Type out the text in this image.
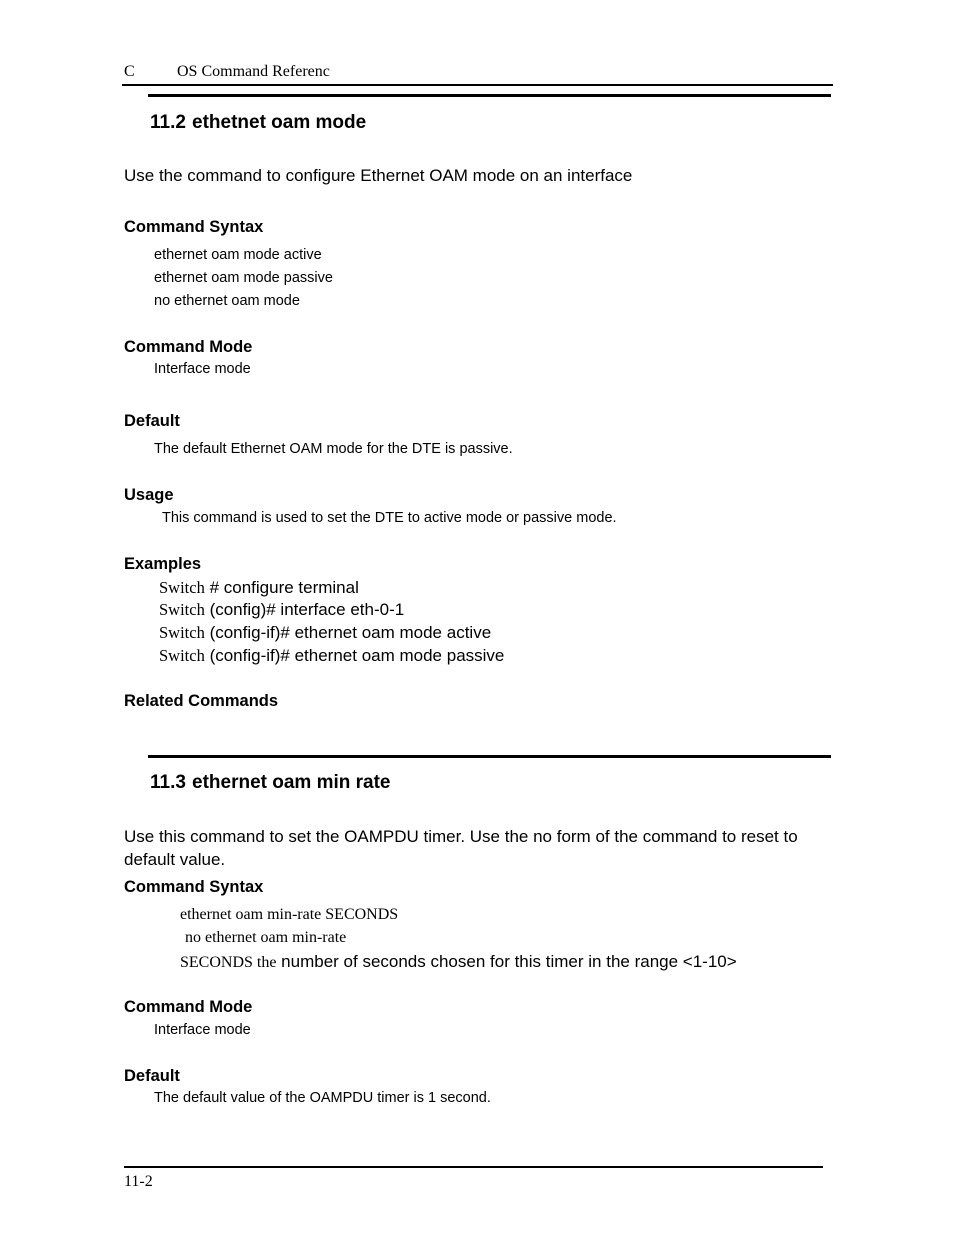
C	OS Command Referenc
11.2 ethetnet oam mode
Use the command to configure Ethernet OAM mode on an interface
Command Syntax
ethernet oam mode active
ethernet oam mode passive
no ethernet oam mode
Command Mode
Interface mode
Default
The default Ethernet OAM mode for the DTE is passive.
Usage
This command is used to set the DTE to active mode or passive mode.
Examples
Switch # configure terminal
Switch (config)# interface eth-0-1
Switch (config-if)# ethernet oam mode active
Switch (config-if)# ethernet oam mode passive
Related Commands
11.3 ethernet oam min rate
Use this command to set the OAMPDU timer. Use the no form of the command to reset to default value.
Command Syntax
ethernet oam min-rate SECONDS
no ethernet oam min-rate
SECONDS the number of seconds chosen for this timer in the range <1-10>
Command Mode
Interface mode
Default
The default value of the OAMPDU timer is 1 second.
11-2
